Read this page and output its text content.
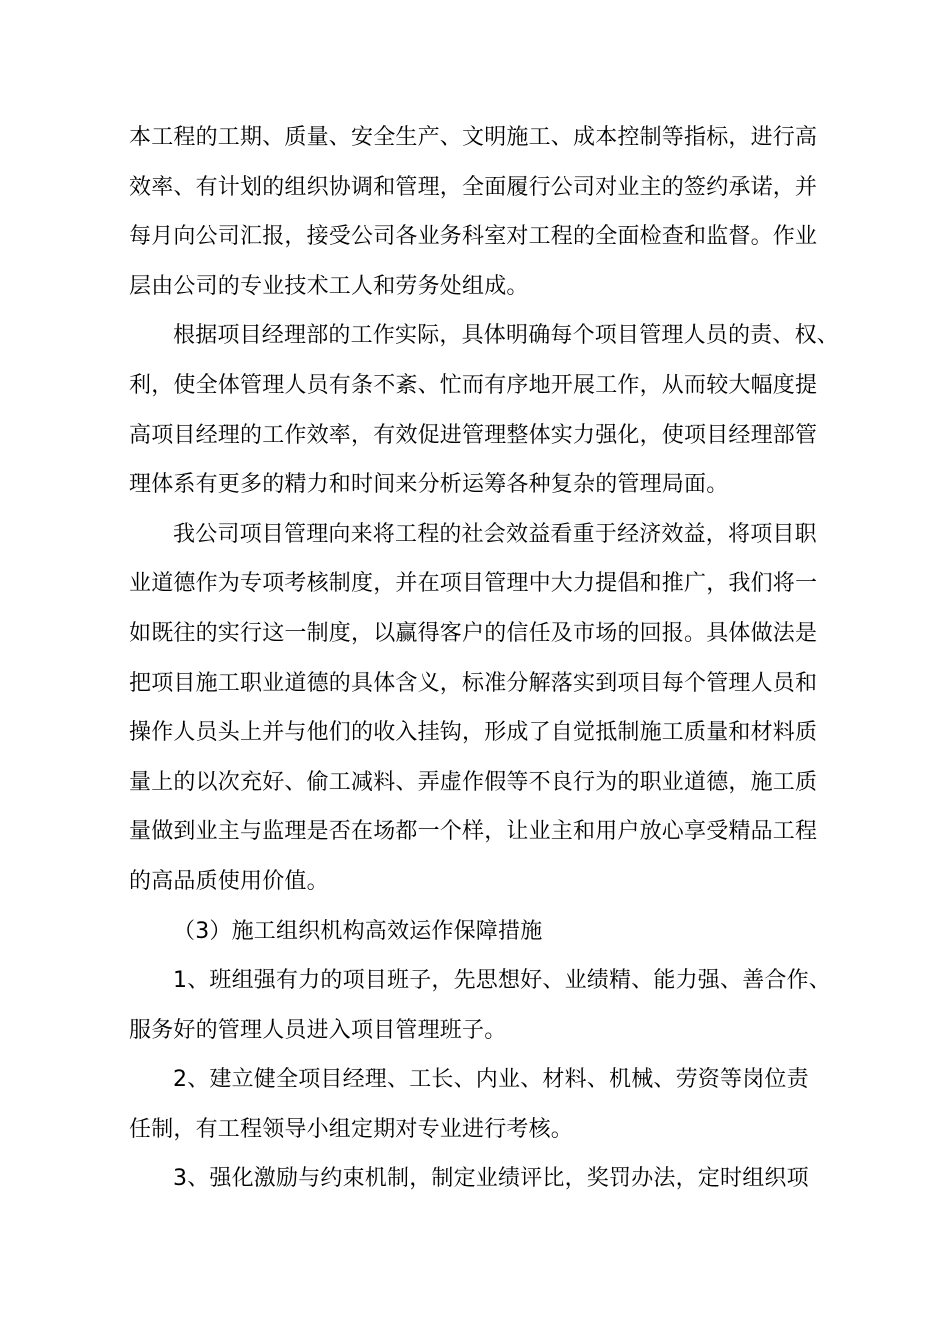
本工程的工期、质量、安全生产、文明施工、成本控制等指标，进行高
效率、有计划的组织协调和管理，全面履行公司对业主的签约承诺，并
每月向公司汇报，接受公司各业务科室对工程的全面检查和监督。作业
层由公司的专业技术工人和劳务处组成。

根据项目经理部的工作实际，具体明确每个项目管理人员的责、权、
利，使全体管理人员有条不紊、忙而有序地开展工作，从而较大幅度提
高项目经理的工作效率，有效促进管理整体实力强化，使项目经理部管
理体系有更多的精力和时间来分析运筹各种复杂的管理局面。

我公司项目管理向来将工程的社会效益看重于经济效益，将项目职
业道德作为专项考核制度，并在项目管理中大力提倡和推广，我们将一
如既往的实行这一制度，以赢得客户的信任及市场的回报。具体做法是
把项目施工职业道德的具体含义，标准分解落实到项目每个管理人员和
操作人员头上并与他们的收入挂钩，形成了自觉抵制施工质量和材料质
量上的以次充好、偷工减料、弄虚作假等不良行为的职业道德，施工质
量做到业主与监理是否在场都一个样，让业主和用户放心享受精品工程
的高品质使用价值。

（3）施工组织机构高效运作保障措施

1、班组强有力的项目班子，先思想好、业绩精、能力强、善合作、
服务好的管理人员进入项目管理班子。

2、建立健全项目经理、工长、内业、材料、机械、劳资等岗位责
任制，有工程领导小组定期对专业进行考核。

3、强化激励与约束机制，制定业绩评比，奖罚办法，定时组织项
